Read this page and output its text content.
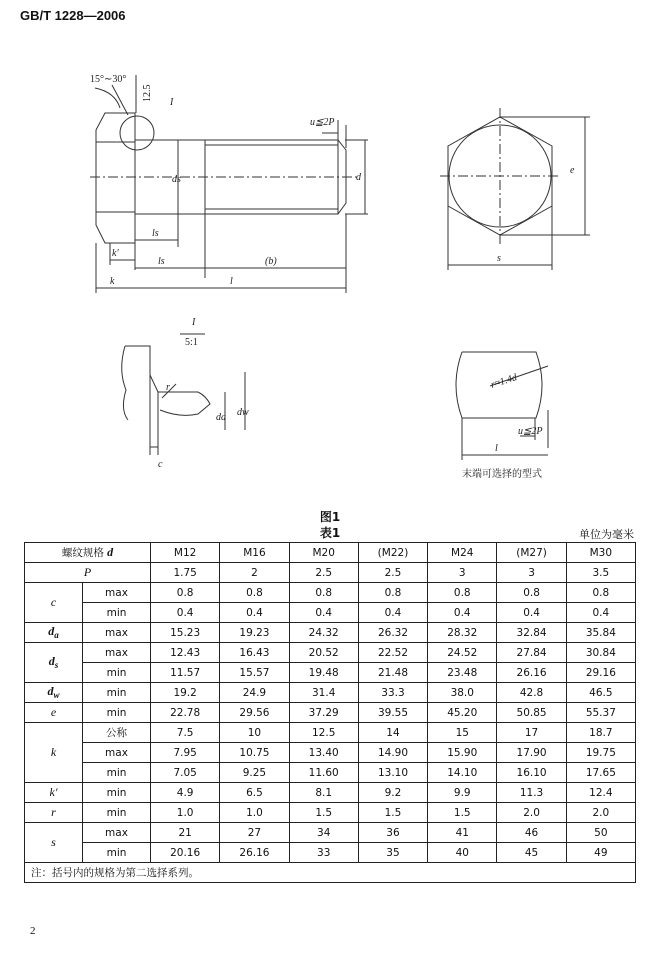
GB/T 1228—2006
15°∼30°
12.5
I
u≦2P
ds	d
ls
ls	(b)
k′
k	l
e
s
I
5:1
r
c
da dw
r≈1.4d
u≦2P
l
末端可选择的型式
图1
表1	单位为毫米
螺纹规格 d		M12	M16	M20	(M22)	M24	(M27)	M30
P		1.75	2	2.5	2.5	3	3	3.5
c	max	0.8	0.8	0.8	0.8	0.8	0.8	0.8
	min	0.4	0.4	0.4	0.4	0.4	0.4	0.4
$d_a$	max	15.23	19.23	24.32	26.32	28.32	32.84	35.84
$d_s$	max	12.43	16.43	20.52	22.52	24.52	27.84	30.84
	min	11.57	15.57	19.48	21.48	23.48	26.16	29.16
$d_w$	min	19.2	24.9	31.4	33.3	38.0	42.8	46.5
e	min	22.78	29.56	37.29	39.55	45.20	50.85	55.37
k	公称	7.5	10	12.5	14	15	17	18.7
	max	7.95	10.75	13.40	14.90	15.90	17.90	19.75
	min	7.05	9.25	11.60	13.10	14.10	16.10	17.65
k′	min	4.9	6.5	8.1	9.2	9.9	11.3	12.4
r	min	1.0	1.0	1.5	1.5	1.5	2.0	2.0
s	max	21	27	34	36	41	46	50
	min	20.16	26.16	33	35	40	45	49
注：括号内的规格为第二选择系列。								
2
